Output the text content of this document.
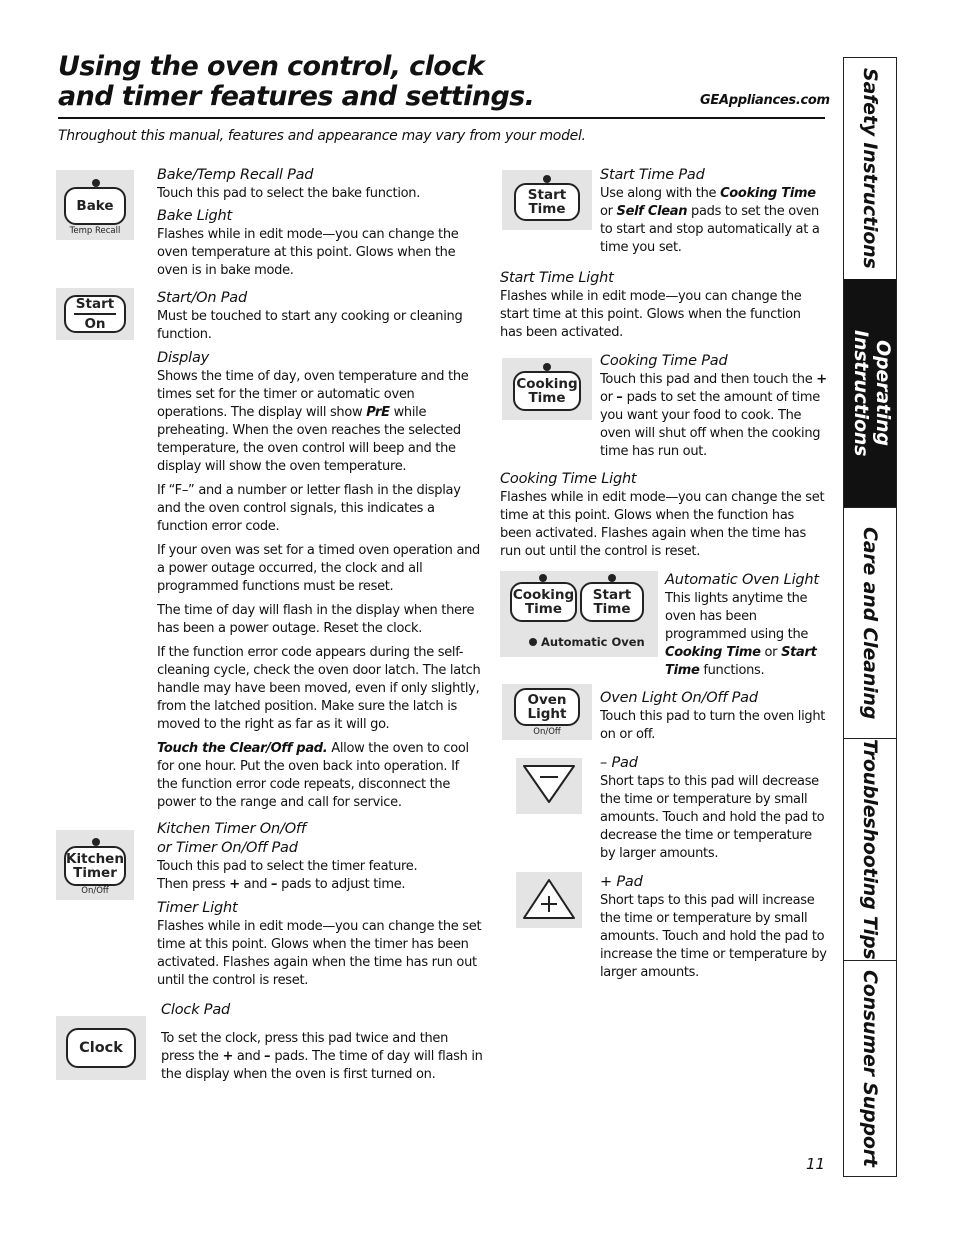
Using the oven control, clock
and timer features and settings.	GEAppliances.com
Throughout this manual, features and appearance may vary from your model.
Bake
Temp Recall
Bake/Temp Recall Pad
Touch this pad to select the bake function.
Bake Light
Flashes while in edit mode—you can change the oven temperature at this point. Glows when the oven is in bake mode.
Start
On
Start/On Pad
Must be touched to start any cooking or cleaning function.
Display
Shows the time of day, oven temperature and the times set for the timer or automatic oven operations. The display will show PrE while preheating. When the oven reaches the selected temperature, the oven control will beep and the display will show the oven temperature.
If “F–” and a number or letter flash in the display and the oven control signals, this indicates a function error code.
If your oven was set for a timed oven operation and a power outage occurred, the clock and all programmed functions must be reset.
The time of day will flash in the display when there has been a power outage. Reset the clock.
If the function error code appears during the self-cleaning cycle, check the oven door latch. The latch handle may have been moved, even if only slightly, from the latched position. Make sure the latch is moved to the right as far as it will go.
Touch the Clear/Off pad. Allow the oven to cool for one hour. Put the oven back into operation. If the function error code repeats, disconnect the power to the range and call for service.
Kitchen
Timer
On/Off
Kitchen Timer On/Off
or Timer On/Off Pad
Touch this pad to select the timer feature.
Then press + and – pads to adjust time.
Timer Light
Flashes while in edit mode—you can change the set time at this point. Glows when the timer has been activated. Flashes again when the time has run out until the control is reset.
Clock
Clock Pad
To set the clock, press this pad twice and then press the + and – pads. The time of day will flash in the display when the oven is first turned on.
Start
Time
Start Time Pad
Use along with the Cooking Time
or Self Clean pads to set the oven to start and stop automatically at a time you set.
Start Time Light
Flashes while in edit mode—you can change the start time at this point. Glows when the function has been activated.
Cooking
Time
Cooking Time Pad
Touch this pad and then touch the + or – pads to set the amount of time you want your food to cook. The oven will shut off when the cooking time has run out.
Cooking Time Light
Flashes while in edit mode—you can change the set time at this point. Glows when the function has been activated. Flashes again when the time has run out until the control is reset.
Cooking
Time
Start
Time
Automatic Oven
Automatic Oven Light
This lights anytime the oven has been programmed using the Cooking Time or Start Time functions.
Oven
Light
On/Off
Oven Light On/Off Pad
Touch this pad to turn the oven light on or off.
– Pad
Short taps to this pad will decrease the time or temperature by small amounts. Touch and hold the pad to decrease the time or temperature by larger amounts.
+ Pad
Short taps to this pad will increase the time or temperature by small amounts. Touch and hold the pad to increase the time or temperature by larger amounts.
Safety Instructions
Operating Instructions
Care and Cleaning
Troubleshooting Tips
Consumer Support
11
